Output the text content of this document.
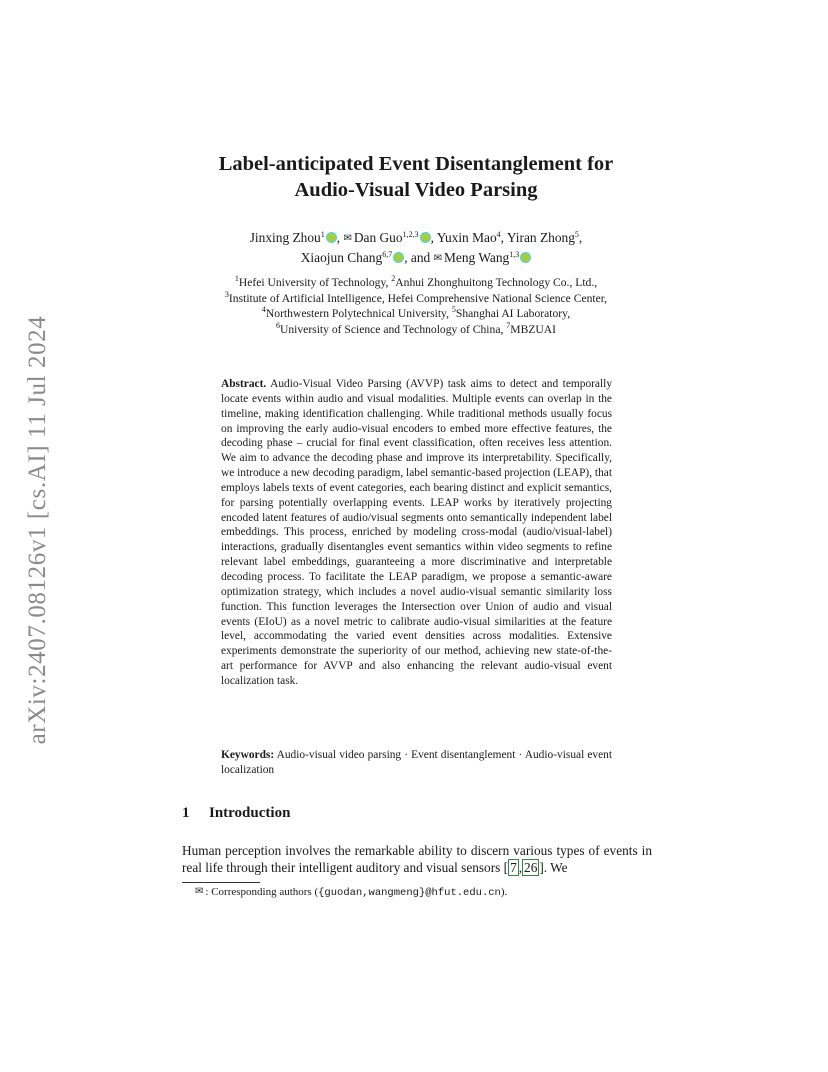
arXiv:2407.08126v1 [cs.AI] 11 Jul 2024
Label-anticipated Event Disentanglement for
Audio-Visual Video Parsing
Jinxing Zhou$^1$ , ✉ Dan Guo$^{1,2,3}$ , Yuxin Mao$^4$, Yiran Zhong$^5$,
Xiaojun Chang$^{6,7}$ , and ✉ Meng Wang$^{1,3}$
$^1$Hefei University of Technology, $^2$Anhui Zhonghuitong Technology Co., Ltd.,
$^3$Institute of Artificial Intelligence, Hefei Comprehensive National Science Center,
$^4$Northwestern Polytechnical University, $^5$Shanghai AI Laboratory,
$^6$University of Science and Technology of China, $^7$MBZUAI
Abstract. Audio-Visual Video Parsing (AVVP) task aims to detect and temporally locate events within audio and visual modalities. Multiple events can overlap in the timeline, making identification challenging. While traditional methods usually focus on improving the early audio-visual encoders to embed more effective features, the decoding phase – crucial for final event classification, often receives less attention. We aim to advance the decoding phase and improve its interpretability. Specifically, we introduce a new decoding paradigm, label semantic-based projection (LEAP), that employs labels texts of event categories, each bearing distinct and explicit semantics, for parsing potentially overlapping events. LEAP works by iteratively projecting encoded latent features of audio/visual segments onto semantically independent label embeddings. This process, enriched by modeling cross-modal (audio/visual-label) interactions, gradually disentangles event semantics within video segments to refine relevant label embeddings, guaranteeing a more discriminative and interpretable decoding process. To facilitate the LEAP paradigm, we propose a semantic-aware optimization strategy, which includes a novel audio-visual semantic similarity loss function. This function leverages the Intersection over Union of audio and visual events (EIoU) as a novel metric to calibrate audio-visual similarities at the feature level, accommodating the varied event densities across modalities. Extensive experiments demonstrate the superiority of our method, achieving new state-of-the-art performance for AVVP and also enhancing the relevant audio-visual event localization task.
Keywords: Audio-visual video parsing · Event disentanglement · Audio-visual event localization
1 Introduction
Human perception involves the remarkable ability to discern various types of events in real life through their intelligent auditory and visual sensors [ 7 , 26 ]. We
✉ : Corresponding authors ({guodan,wangmeng}@hfut.edu.cn).
